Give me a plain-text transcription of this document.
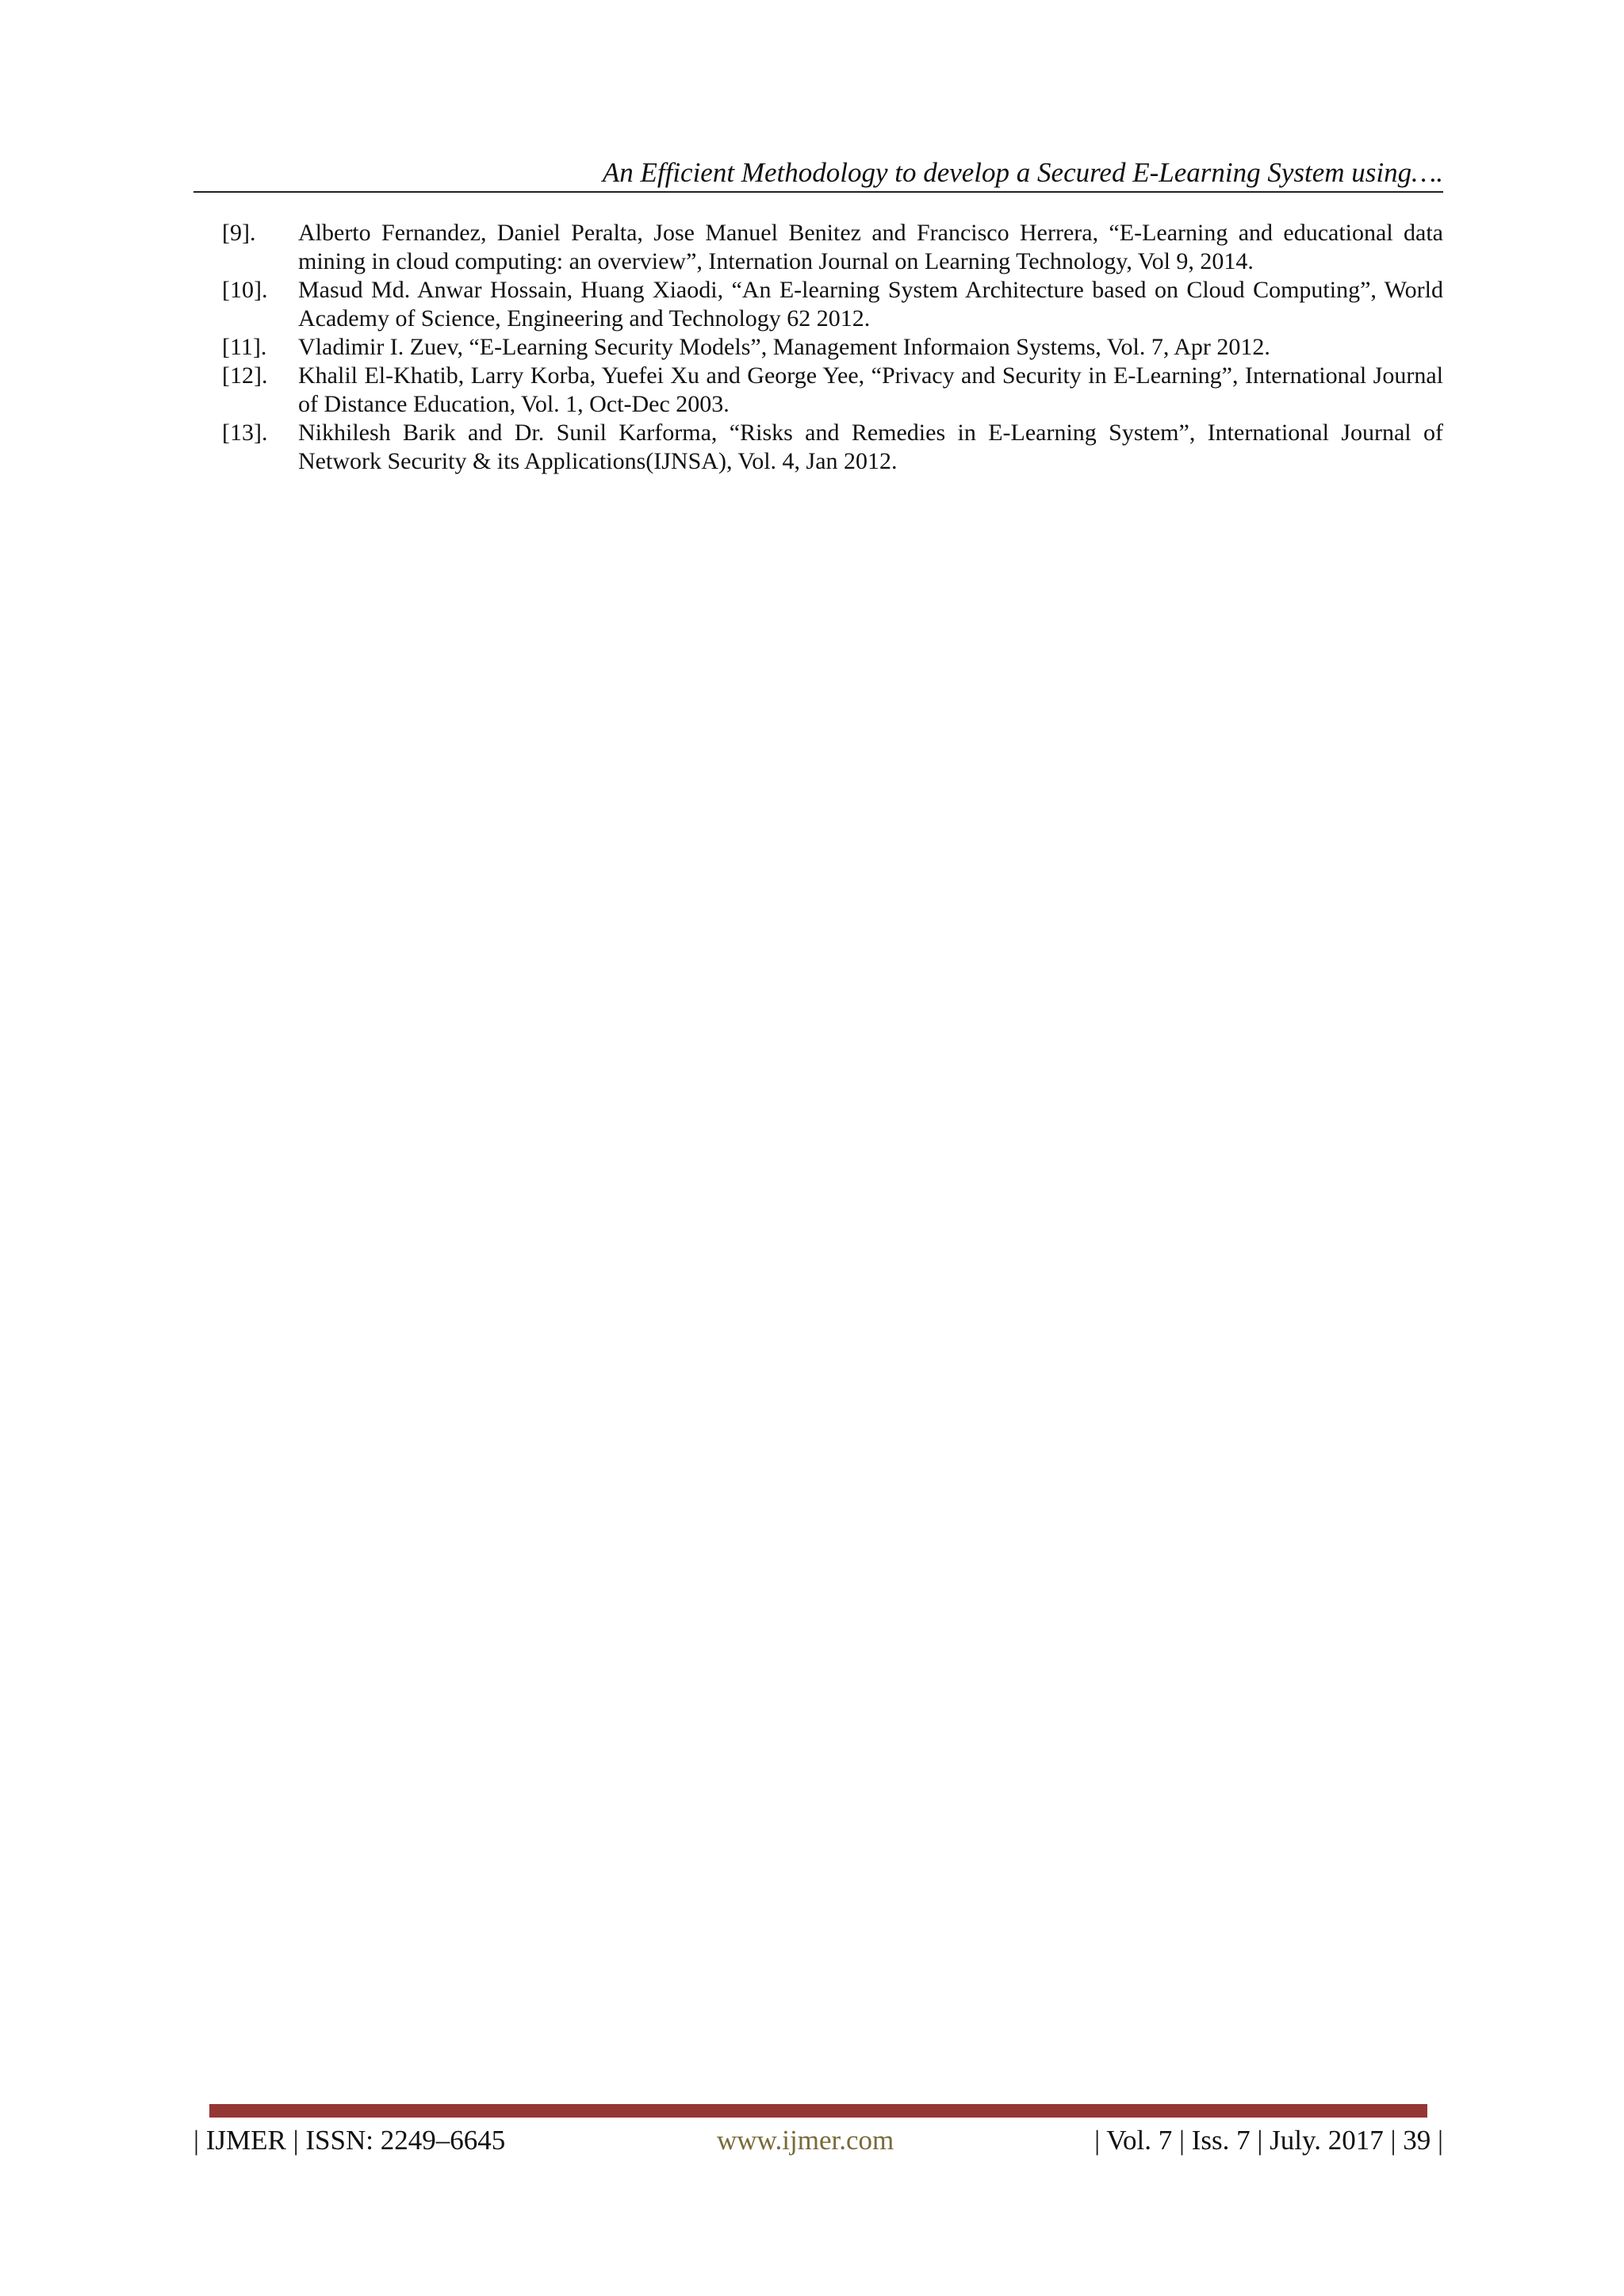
An Efficient Methodology to develop a Secured E-Learning System using….
[9].	Alberto Fernandez, Daniel Peralta, Jose Manuel Benitez and Francisco Herrera, “E-Learning and educational data mining in cloud computing: an overview”, Internation Journal on Learning Technology, Vol 9, 2014.
[10].	Masud Md. Anwar Hossain, Huang Xiaodi, “An E-learning System Architecture based on Cloud Computing”, World Academy of Science, Engineering and Technology 62 2012.
[11].	Vladimir I. Zuev, “E-Learning Security Models”, Management Informaion Systems, Vol. 7, Apr 2012.
[12].	Khalil El-Khatib, Larry Korba, Yuefei Xu and George Yee, “Privacy and Security in E-Learning”, International Journal of Distance Education, Vol. 1, Oct-Dec 2003.
[13].	Nikhilesh Barik and Dr. Sunil Karforma, “Risks and Remedies in E-Learning System”, International Journal of Network Security & its Applications(IJNSA), Vol. 4, Jan 2012.
| IJMER | ISSN: 2249–6645	www.ijmer.com	| Vol. 7 | Iss. 7 | July. 2017 | 39 |
